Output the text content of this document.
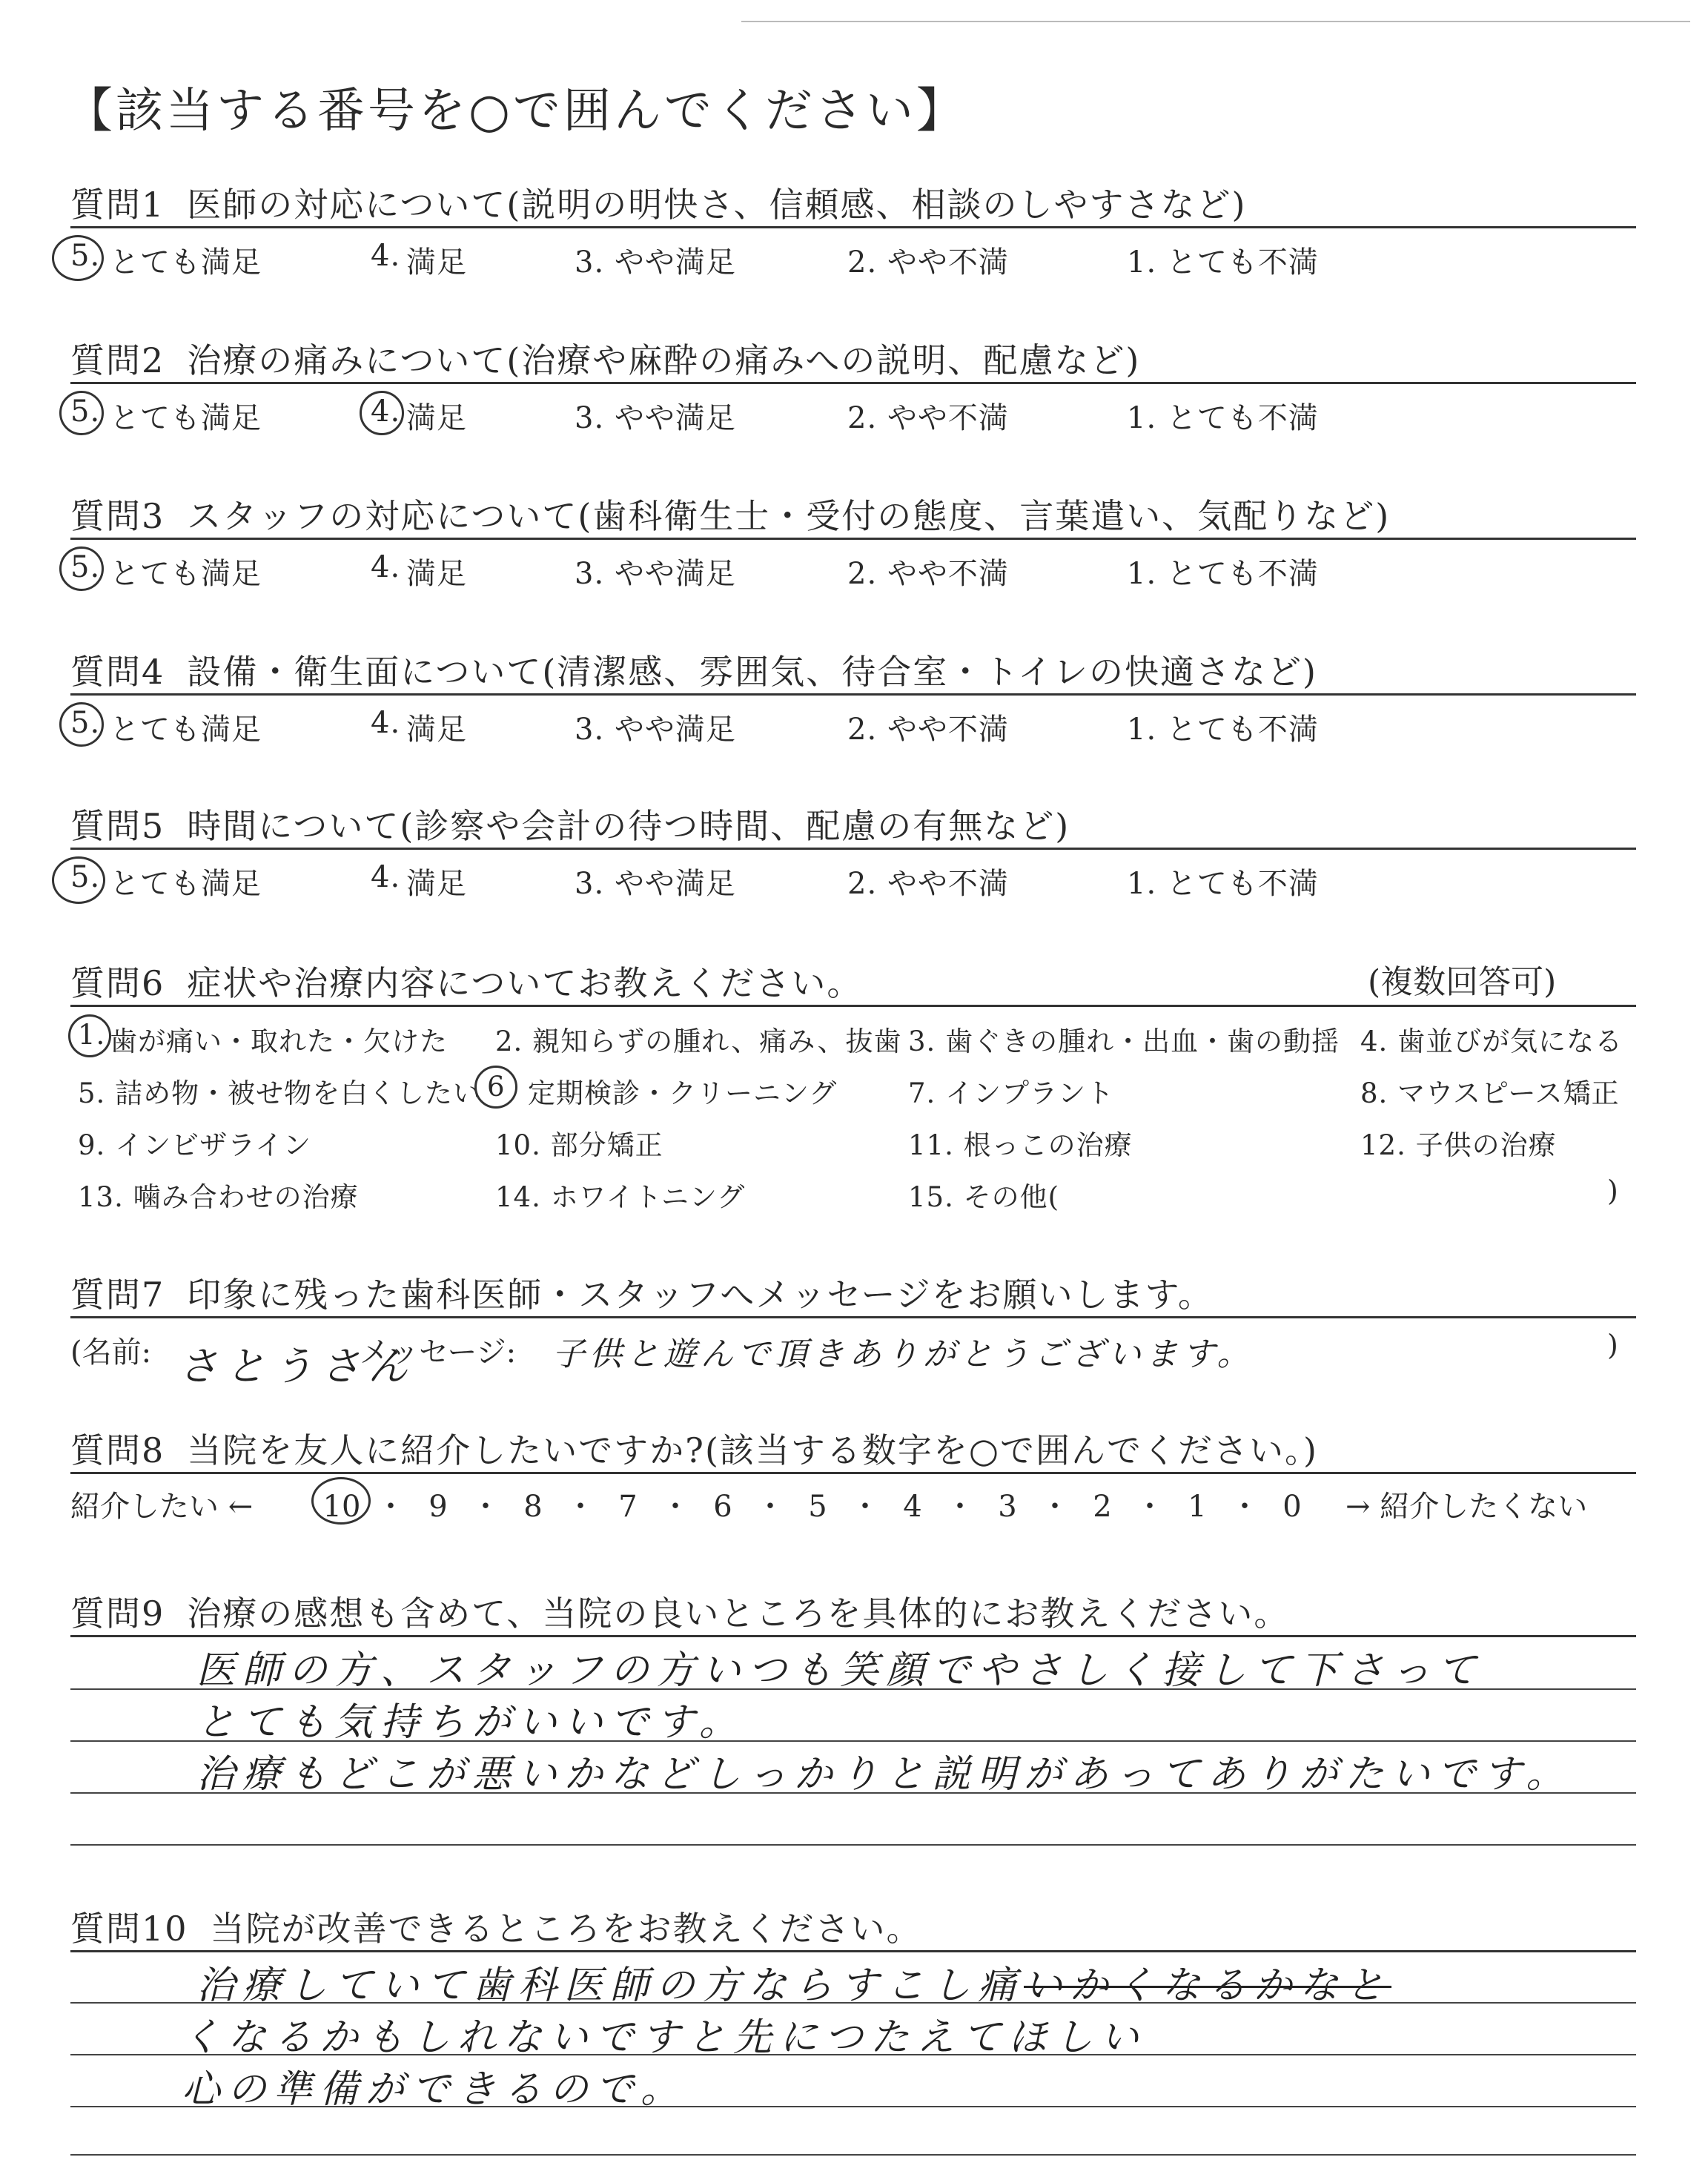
【該当する番号を○で囲んでください】
質問1 医師の対応について(説明の明快さ、信頼感、相談のしやすさなど)
5. とても満足	4. 満足	3. やや満足	2. やや不満	1. とても不満
質問2 治療の痛みについて(治療や麻酔の痛みへの説明、配慮など)
5. とても満足	4. 満足	3. やや満足	2. やや不満	1. とても不満
質問3 スタッフの対応について(歯科衛生士・受付の態度、言葉遣い、気配りなど)
5. とても満足	4. 満足	3. やや満足	2. やや不満	1. とても不満
質問4 設備・衛生面について(清潔感、雰囲気、待合室・トイレの快適さなど)
5. とても満足	4. 満足	3. やや満足	2. やや不満	1. とても不満
質問5 時間について(診察や会計の待つ時間、配慮の有無など)
5. とても満足	4. 満足	3. やや満足	2. やや不満	1. とても不満
質問6 症状や治療内容についてお教えください。	(複数回答可)
1. 歯が痛い・取れた・欠けた 2. 親知らずの腫れ、痛み、抜歯 3. 歯ぐきの腫れ・出血・歯の動揺 4. 歯並びが気になる
5. 詰め物・被せ物を白くしたい 6 定期検診・クリーニング	7. インプラント	8. マウスピース矯正
9. インビザライン	10. 部分矯正	11. 根っこの治療	12. 子供の治療
13. 噛み合わせの治療	14. ホワイトニング	15. その他(	)
質問7 印象に残った歯科医師・スタッフへメッセージをお願いします。
(名前: さとうさん
メッセージ: 子供と遊んで頂きありがとうございます。	)
質問8 当院を友人に紹介したいですか?(該当する数字を○で囲んでください。)
紹介したい ← 10 ・ 9 ・ 8 ・ 7 ・ 6 ・ 5 ・ 4 ・ 3 ・ 2 ・ 1 ・ 0	→ 紹介したくない
質問9 治療の感想も含めて、当院の良いところを具体的にお教えください。
医師の方、スタッフの方いつも笑顔でやさしく接して下さって
とても気持ちがいいです。
治療もどこが悪いかなどしっかりと説明があってありがたいです。
質問10 当院が改善できるところをお教えください。
治療していて歯科医師の方ならすこし痛いかくなるかなと
くなるかもしれないですと先につたえてほしい
心の準備ができるので。
